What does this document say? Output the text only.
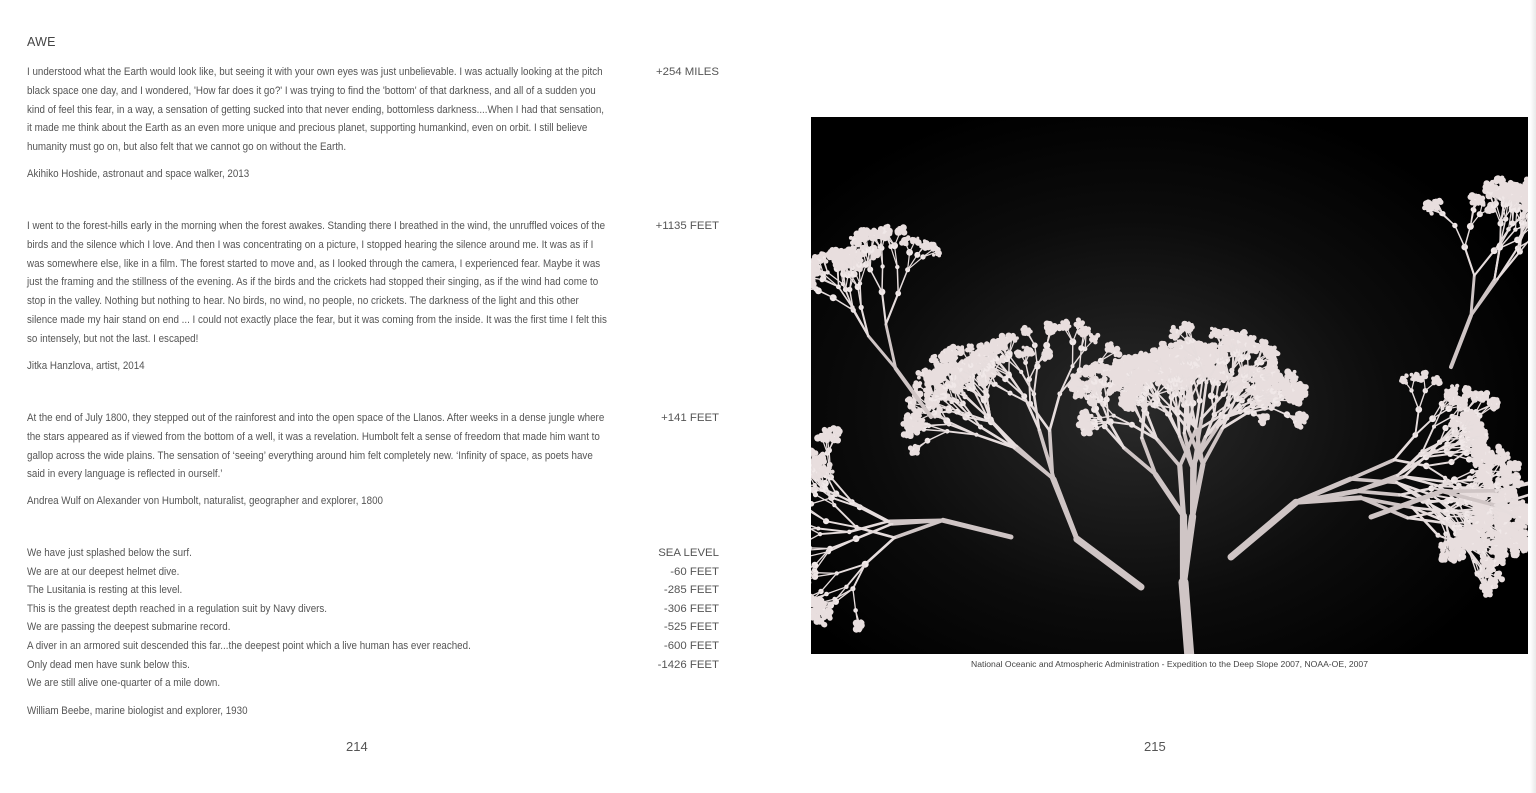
AWE
I understood what the Earth would look like, but seeing it with your own eyes was just unbelievable. I was actually looking at the pitch black space one day, and I wondered, 'How far does it go?' I was trying to find the 'bottom' of that darkness, and all of a sudden you kind of feel this fear, in a way, a sensation of getting sucked into that never ending, bottomless darkness....When I had that sensation, it made me think about the Earth as an even more unique and precious planet, supporting humankind, even on orbit. I still believe humanity must go on, but also felt that we cannot go on without the Earth.
+254 MILES
Akihiko Hoshide, astronaut and space walker, 2013
I went to the forest-hills early in the morning when the forest awakes. Standing there I breathed in the wind, the unruffled voices of the birds and the silence which I love. And then I was concentrating on a picture, I stopped hearing the silence around me. It was as if I was somewhere else, like in a film. The forest started to move and, as I looked through the camera, I experienced fear. Maybe it was just the framing and the stillness of the evening. As if the birds and the crickets had stopped their singing, as if the wind had come to stop in the valley. Nothing but nothing to hear. No birds, no wind, no people, no crickets. The darkness of the light and this other silence made my hair stand on end ... I could not exactly place the fear, but it was coming from the inside. It was the first time I felt this so intensely, but not the last. I escaped!
+1135 FEET
Jitka Hanzlova, artist, 2014
At the end of July 1800, they stepped out of the rainforest and into the open space of the Llanos. After weeks in a dense jungle where the stars appeared as if viewed from the bottom of a well, it was a revelation. Humbolt felt a sense of freedom that made him want to gallop across the wide plains. The sensation of ‘seeing’ everything around him felt completely new. ‘Infinity of space, as poets have said in every language is reflected in ourself.’
+141 FEET
Andrea Wulf on Alexander von Humbolt, naturalist, geographer and explorer, 1800
We have just splashed below the surf.	SEA LEVEL
We are at our deepest helmet dive.	-60 FEET
The Lusitania is resting at this level.	-285 FEET
This is the greatest depth reached in a regulation suit by Navy divers.	-306 FEET
We are passing the deepest submarine record.	-525 FEET
A diver in an armored suit descended this far...the deepest point which a live human has ever reached.	-600 FEET
Only dead men have sunk below this.	-1426 FEET
We are still alive one-quarter of a mile down.
William Beebe, marine biologist and explorer, 1930
214
National Oceanic and Atmospheric Administration - Expedition to the Deep Slope 2007, NOAA-OE, 2007
215
